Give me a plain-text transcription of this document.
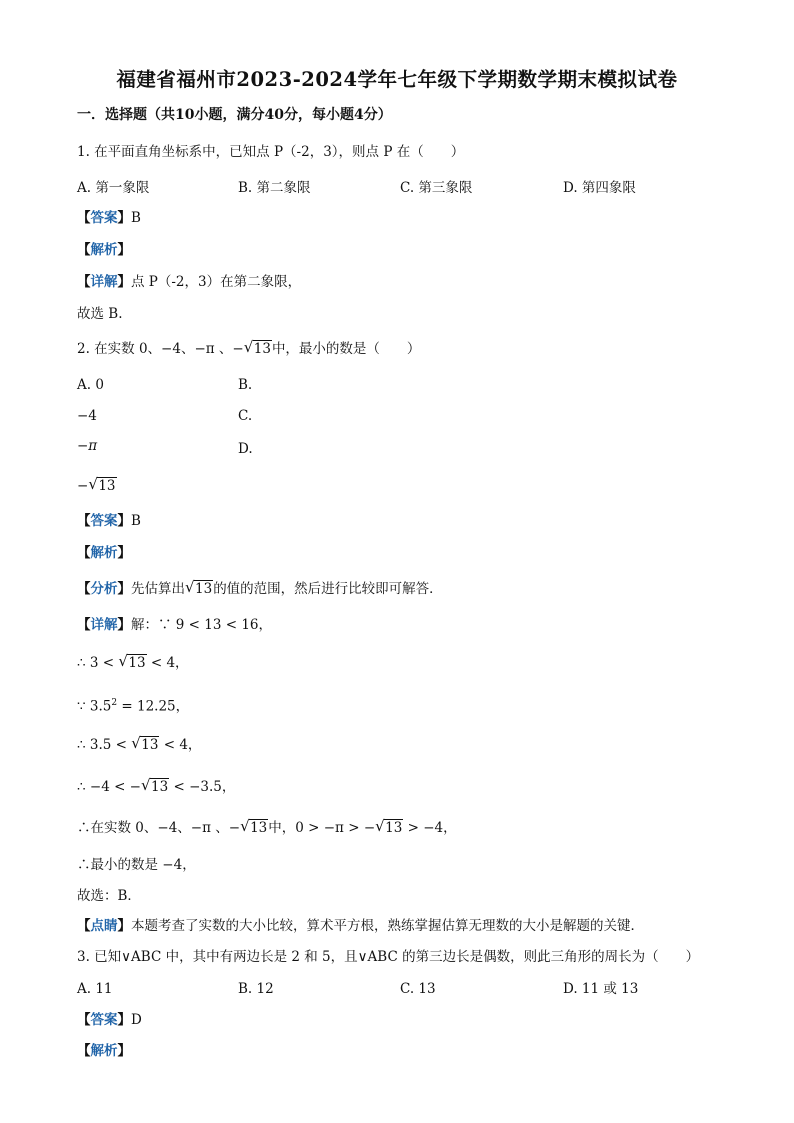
福建省福州市2023-2024学年七年级下学期数学期末模拟试卷
一．选择题（共10小题，满分40分，每小题4分）
1. 在平面直角坐标系中，已知点 P（-2，3），则点 P 在（　　）
A. 第一象限	B. 第二象限	C. 第三象限	D. 第四象限
【答案】B
【解析】
【详解】点 P（-2，3）在第二象限，
故选 B.
2. 在实数 0、−4、−π 、− √ 13中，最小的数是（　　）
A. 0	B.
−4	C.
−π	D.
− √ 13
【答案】B
【解析】
【分析】先估算出 √ 13的值的范围，然后进行比较即可解答．
【详解】解：∵ 9 < 13 < 16，
∴ 3 < √ 13 < 4，
∵ $3.5^2 = 12.25$，
∴ 3.5 < √ 13 < 4，
∴ −4 < − √ 13 < −3.5，
∴在实数 0、−4、−π 、− √ 13中，0 > −π > − √ 13 > −4，
∴最小的数是 −4，
故选：B．
【点睛】本题考查了实数的大小比较，算术平方根，熟练掌握估算无理数的大小是解题的关键．
3. 已知∨ABC 中，其中有两边长是 2 和 5，且∨ABC 的第三边长是偶数，则此三角形的周长为（　　）
A. 11	B. 12	C. 13	D. 11 或 13
【答案】D
【解析】
